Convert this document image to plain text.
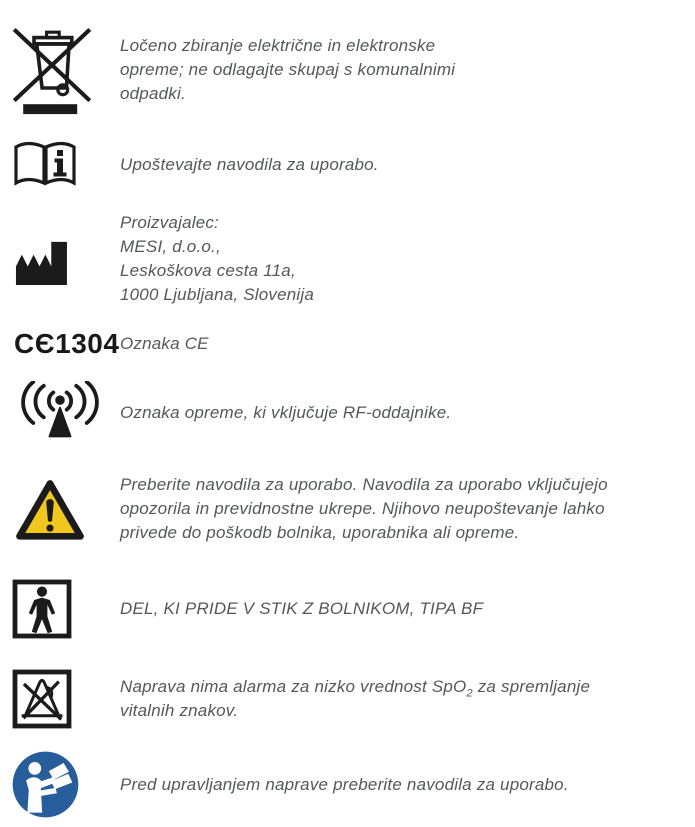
Ločeno zbiranje električne in elektronske
opreme; ne odlagajte skupaj s komunalnimi
odpadki.
Upoštevajte navodila za uporabo.
Proizvajalec:
MESI, d.o.o.,
Leskoškova cesta 11a,
1000 Ljubljana, Slovenija
CЄ1304 Oznaka CE
Oznaka opreme, ki vključuje RF-oddajnike.
Preberite navodila za uporabo. Navodila za uporabo vključujejo
opozorila in previdnostne ukrepe. Njihovo neupoštevanje lahko
privede do poškodb bolnika, uporabnika ali opreme.
DEL, KI PRIDE V STIK Z BOLNIKOM, TIPA BF
Naprava nima alarma za nizko vrednost SpO$_2$ za spremljanje
vitalnih znakov.
Pred upravljanjem naprave preberite navodila za uporabo.
